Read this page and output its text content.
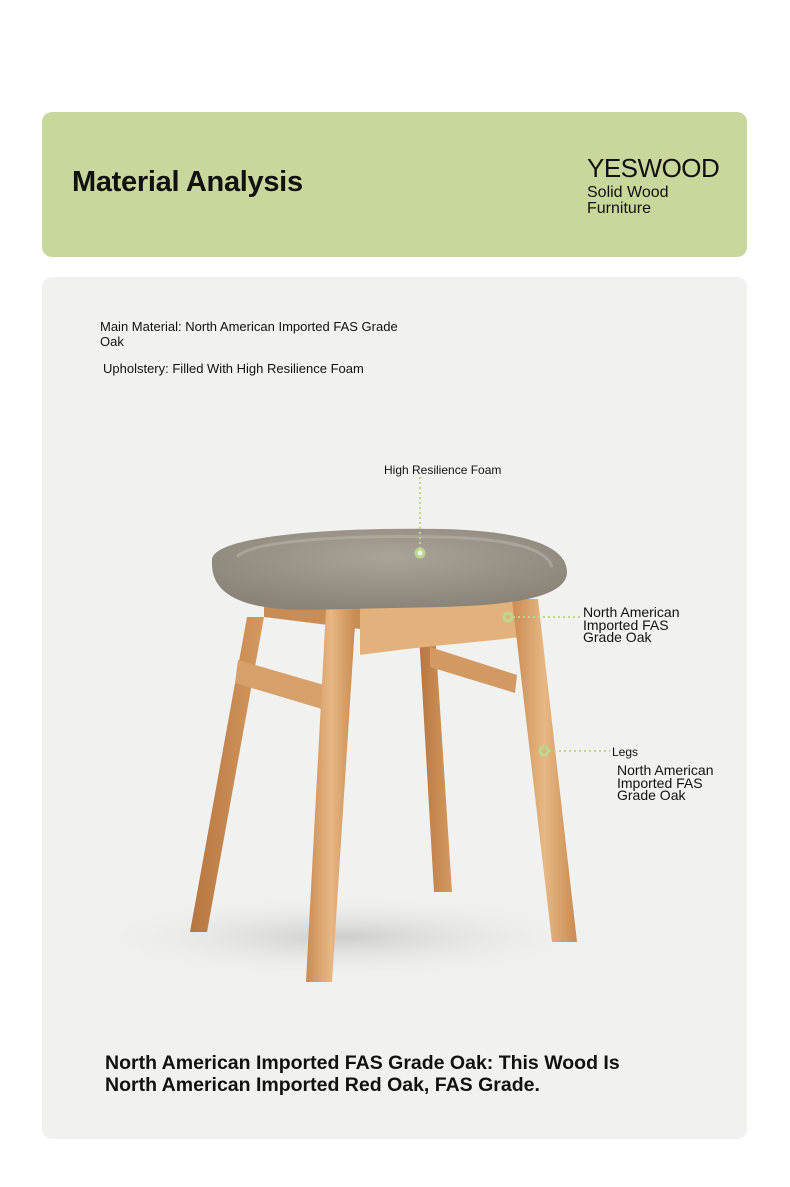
Material Analysis	YESWOOD
Solid Wood Furniture
Main Material: North American Imported FAS Grade Oak
Upholstery: Filled With High Resilience Foam
High Resilience Foam
North American Imported FAS Grade Oak
Legs
North American Imported FAS Grade Oak
North American Imported FAS Grade Oak: This Wood Is North American Imported Red Oak, FAS Grade.
